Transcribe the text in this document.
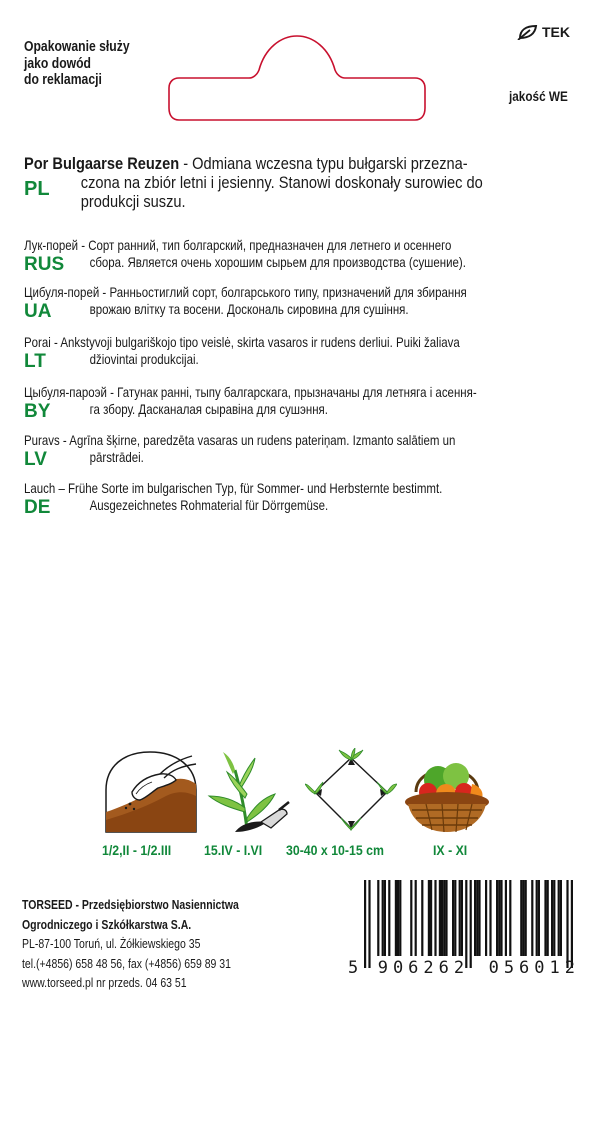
Opakowanie służy
jako dowód
do reklamacji
TEK
jakość WE
PL
Por Bulgaarse Reuzen - Odmiana wczesna typu bułgarski przezna-
czona na zbiór letni i jesienny. Stanowi doskonały surowiec do
produkcji suszu.
RUS
Лук-порей - Сорт ранний, тип болгарский, предназначен для летнего и осеннего
сбора. Является очень хорошим сырьем для производства (сушение).
UA
Цибуля-порей - Ранньостиглий сорт, болгарського типу, призначений для збирання
врожаю влітку та восени. Доскональ сировина для сушіння.
LT
Porai - Ankstyvoji bulgariškojo tipo veislė, skirta vasaros ir rudens derliui. Puiki žaliava
džiovintai produkcijai.
BY
Цыбуля-пароэй - Гатунак ранні, тыпу балгарскага, прызначаны для летняга і асення-
га збору. Дасканалая сыравіна для сушэння.
LV
Puravs - Agrīna šķirne, paredzēta vasaras un rudens pateriņam. Izmanto salātiem un
pārstrādei.
DE
Lauch – Frühe Sorte im bulgarischen Typ, für Sommer- und Herbsternte bestimmt.
Ausgezeichnetes Rohmaterial für Dörrgemüse.
1/2,II - 1/2.III 15.IV - I.VI 30-40 x 10-15 cm	IX - XI
TORSEED - Przedsiębiorstwo Nasiennictwa
Ogrodniczego i Szkółkarstwa S.A.
PL-87-100 Toruń, ul. Żółkiewskiego 35
tel.(+4856) 658 48 56, fax (+4856) 659 89 31
www.torseed.pl nr przeds. 04 63 51
5 906262 056012
